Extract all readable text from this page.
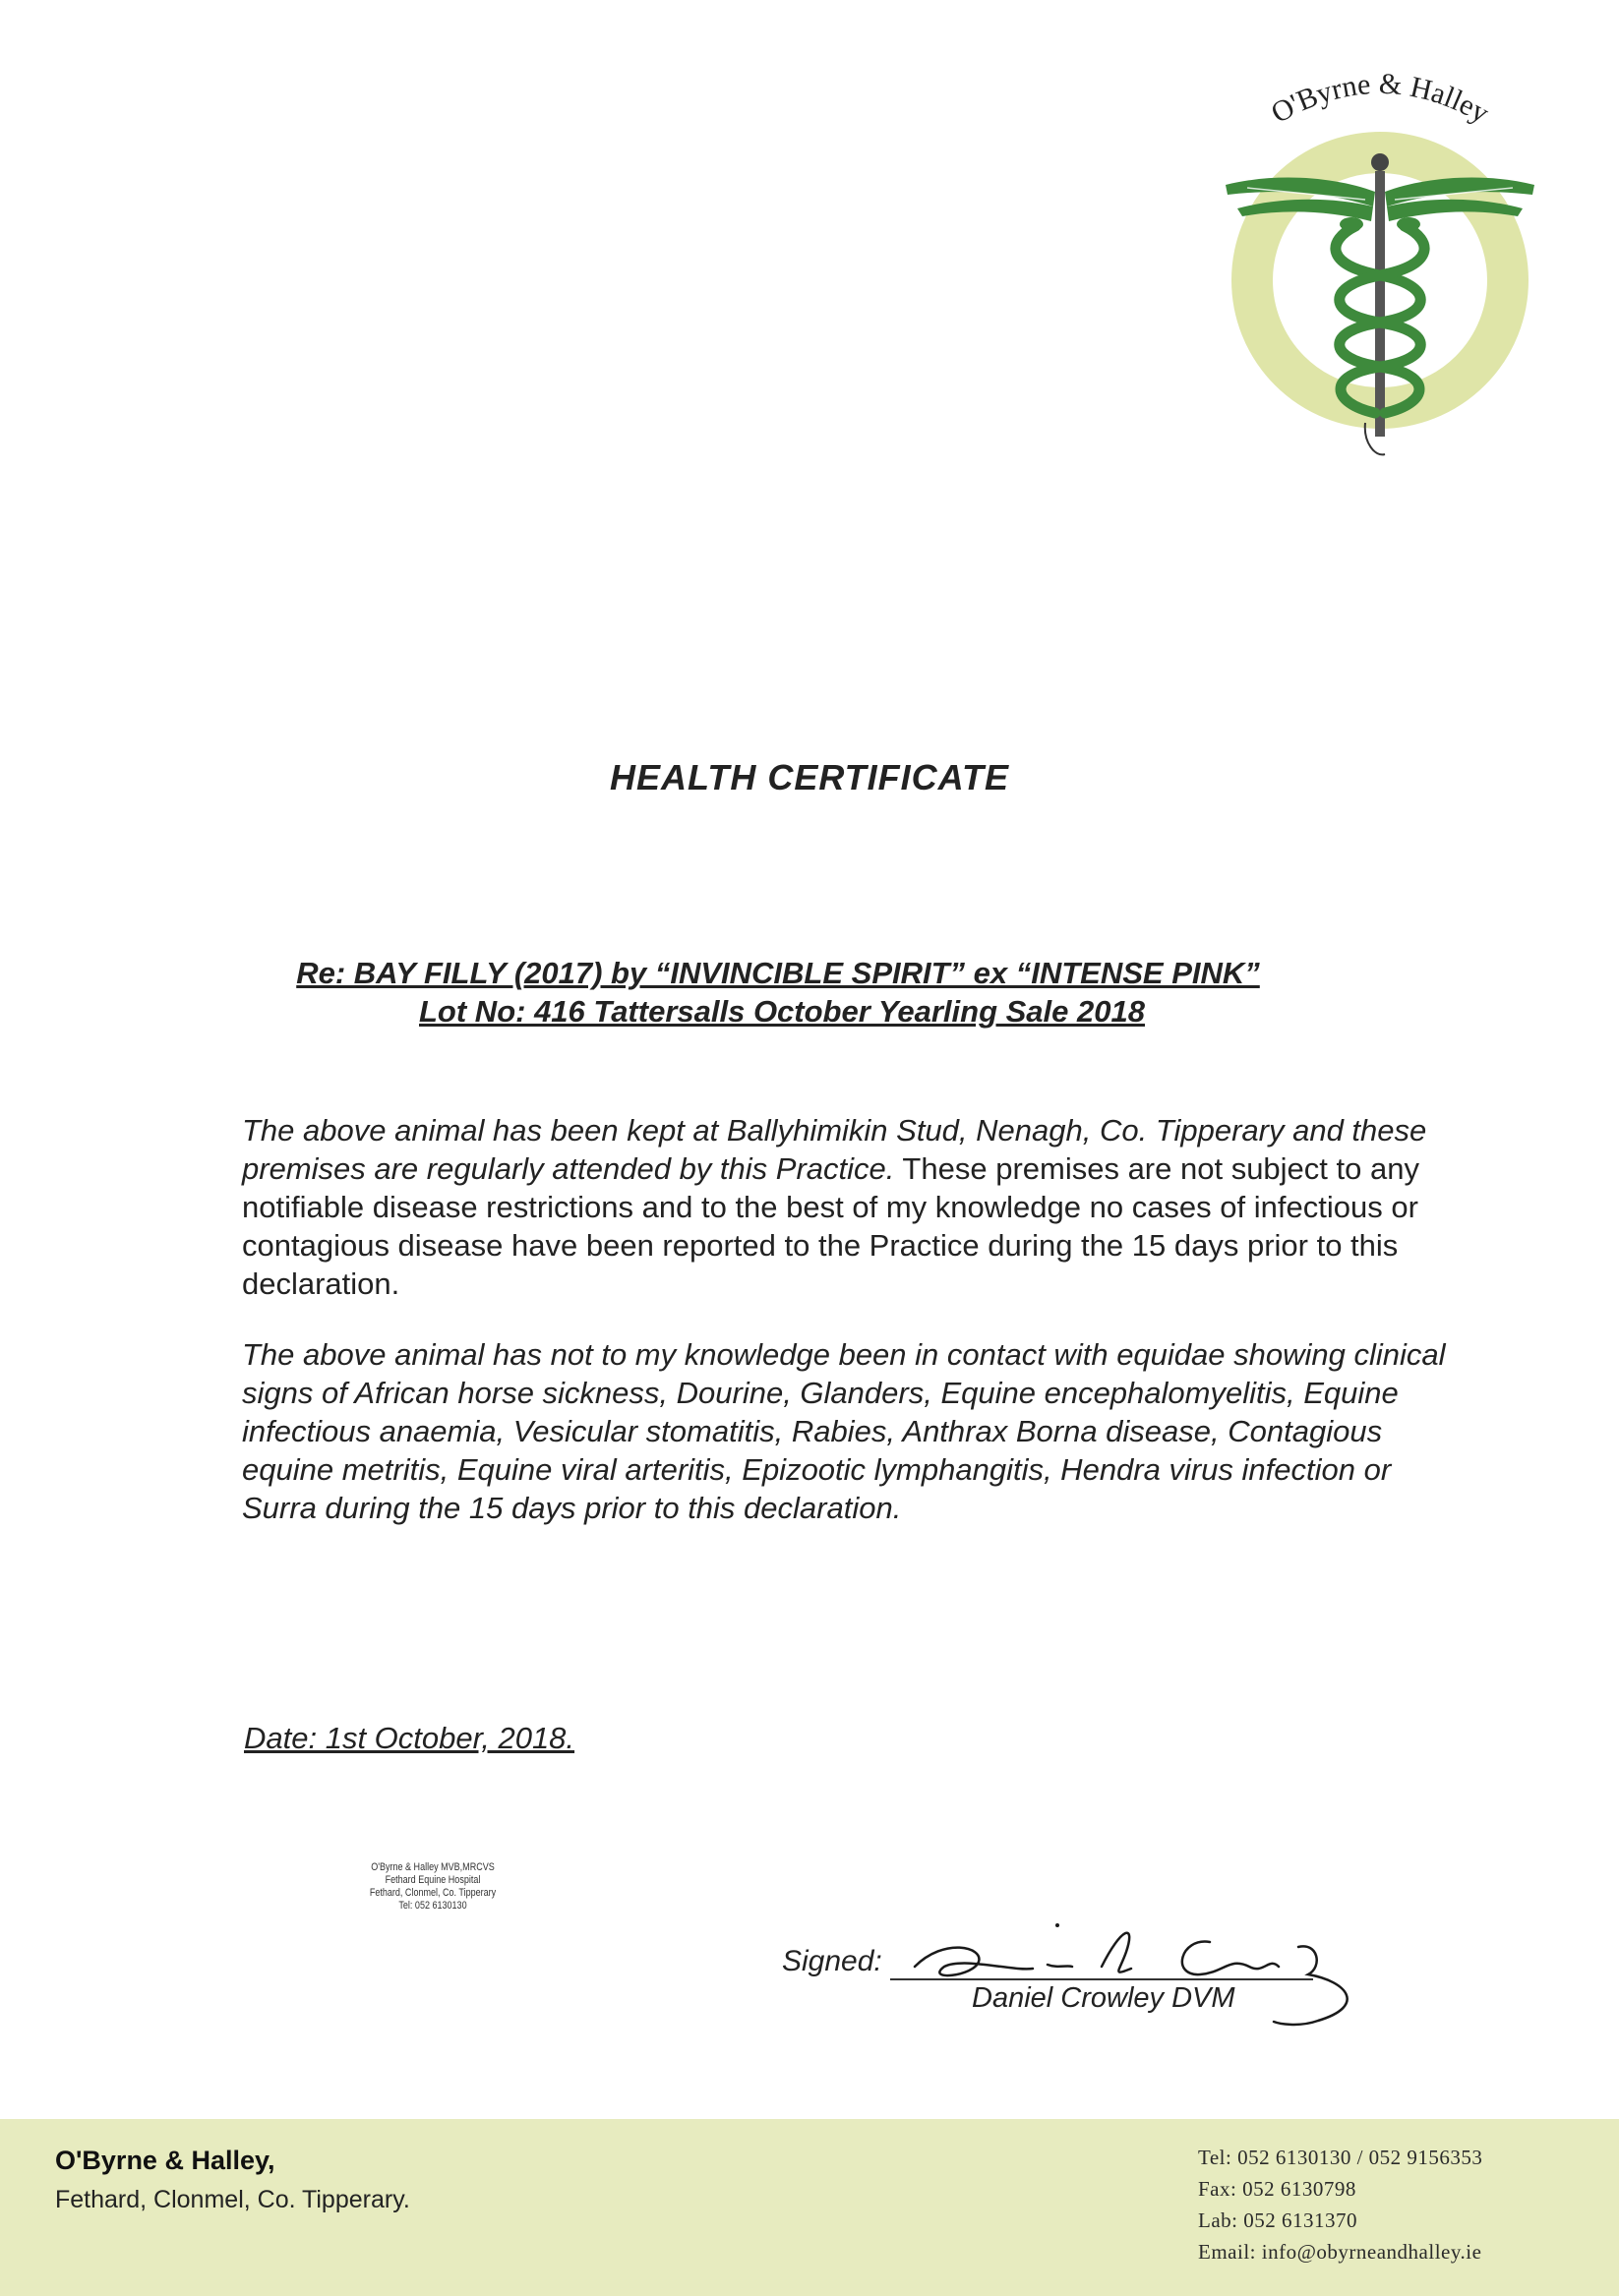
O'Byrne & Halley
HEALTH CERTIFICATE
Re: BAY FILLY (2017) by “INVINCIBLE SPIRIT” ex “INTENSE PINK”
Lot No: 416 Tattersalls October Yearling Sale 2018
The above animal has been kept at Ballyhimikin Stud, Nenagh, Co. Tipperary and these premises are regularly attended by this Practice. These premises are not subject to any notifiable disease restrictions and to the best of my knowledge no cases of infectious or contagious disease have been reported to the Practice during the 15 days prior to this declaration.
The above animal has not to my knowledge been in contact with equidae showing clinical signs of African horse sickness, Dourine, Glanders, Equine encephalomyelitis, Equine infectious anaemia, Vesicular stomatitis, Rabies, Anthrax Borna disease, Contagious equine metritis, Equine viral arteritis, Epizootic lymphangitis, Hendra virus infection or Surra during the 15 days prior to this declaration.
Date: 1st October, 2018.
O'Byrne & Halley MVB,MRCVS
Fethard Equine Hospital
Fethard, Clonmel, Co. Tipperary
Tel: 052 6130130
Signed:
Daniel Crowley DVM
O'Byrne & Halley,
Fethard, Clonmel, Co. Tipperary.
Tel: 052 6130130 / 052 9156353
Fax: 052 6130798
Lab: 052 6131370
Email: info@obyrneandhalley.ie
